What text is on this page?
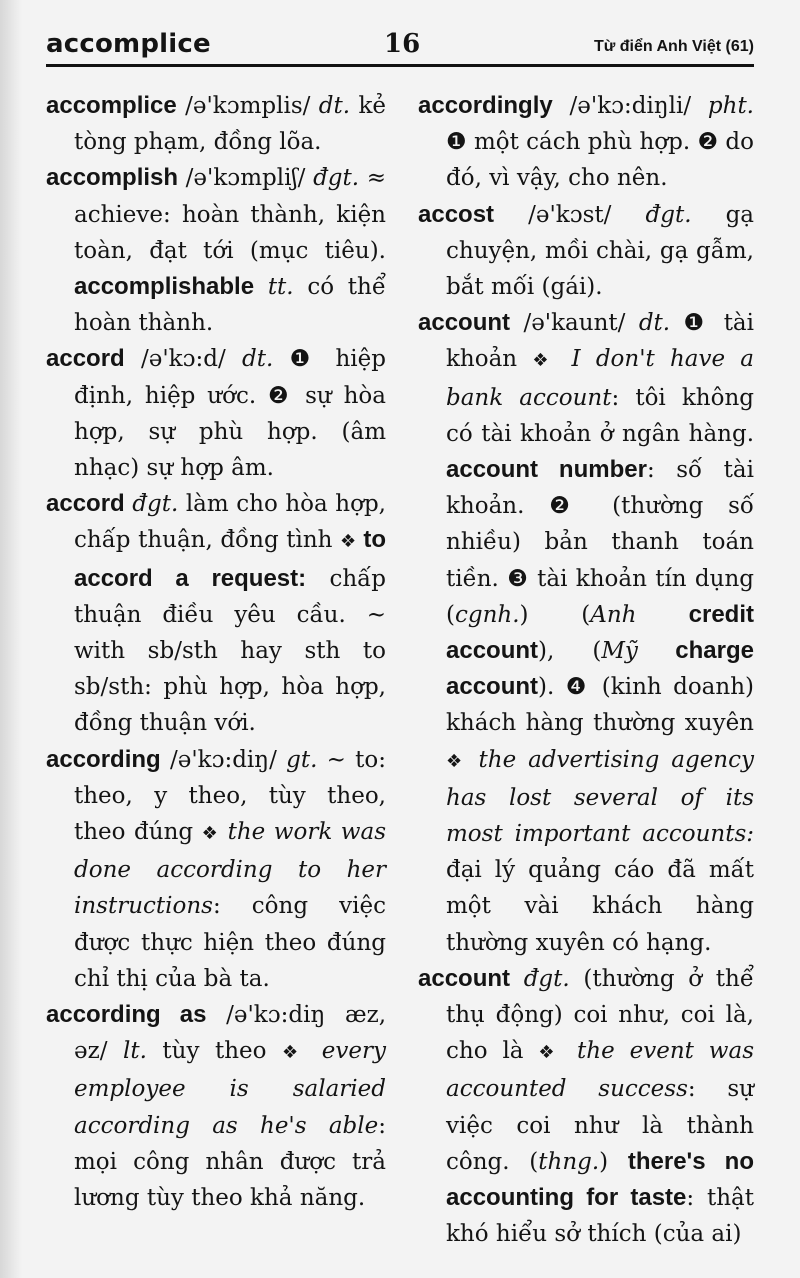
accomplice	16	Từ điển Anh Việt (61)
accomplice /ə'kɔmplis/ dt. kẻ tòng phạm, đồng lõa.
accomplish /ə'kɔmpliʃ/ đgt. ≈ achieve: hoàn thành, kiện toàn, đạt tới (mục tiêu). accomplishable tt. có thể hoàn thành.
accord /ə'kɔ:d/ dt. ❶ hiệp định, hiệp ước. ❷ sự hòa hợp, sự phù hợp. (âm nhạc) sự hợp âm.
accord đgt. làm cho hòa hợp, chấp thuận, đồng tình ❖ to accord a request: chấp thuận điều yêu cầu. ~ with sb/sth hay sth to sb/sth: phù hợp, hòa hợp, đồng thuận với.
according /ə'kɔ:diŋ/ gt. ~ to: theo, y theo, tùy theo, theo đúng ❖ the work was done according to her instructions: công việc được thực hiện theo đúng chỉ thị của bà ta.
according as /ə'kɔ:diŋ æz, əz/ lt. tùy theo ❖ every employee is salaried according as he's able: mọi công nhân được trả lương tùy theo khả năng.
accordingly /ə'kɔ:diŋli/ pht. ❶ một cách phù hợp. ❷ do đó, vì vậy, cho nên.
accost /ə'kɔst/ đgt. gạ chuyện, mồi chài, gạ gẫm, bắt mối (gái).
account /ə'kaunt/ dt. ❶ tài khoản ❖ I don't have a bank account: tôi không có tài khoản ở ngân hàng. account number: số tài khoản. ❷ (thường số nhiều) bản thanh toán tiền. ❸ tài khoản tín dụng (cgnh.) (Anh credit account), (Mỹ charge account). ❹ (kinh doanh) khách hàng thường xuyên ❖ the advertising agency has lost several of its most important accounts: đại lý quảng cáo đã mất một vài khách hàng thường xuyên có hạng.
account đgt. (thường ở thể thụ động) coi như, coi là, cho là ❖ the event was accounted success: sự việc coi như là thành công. (thng.) there's no accounting for taste: thật khó hiểu sở thích (của ai)
